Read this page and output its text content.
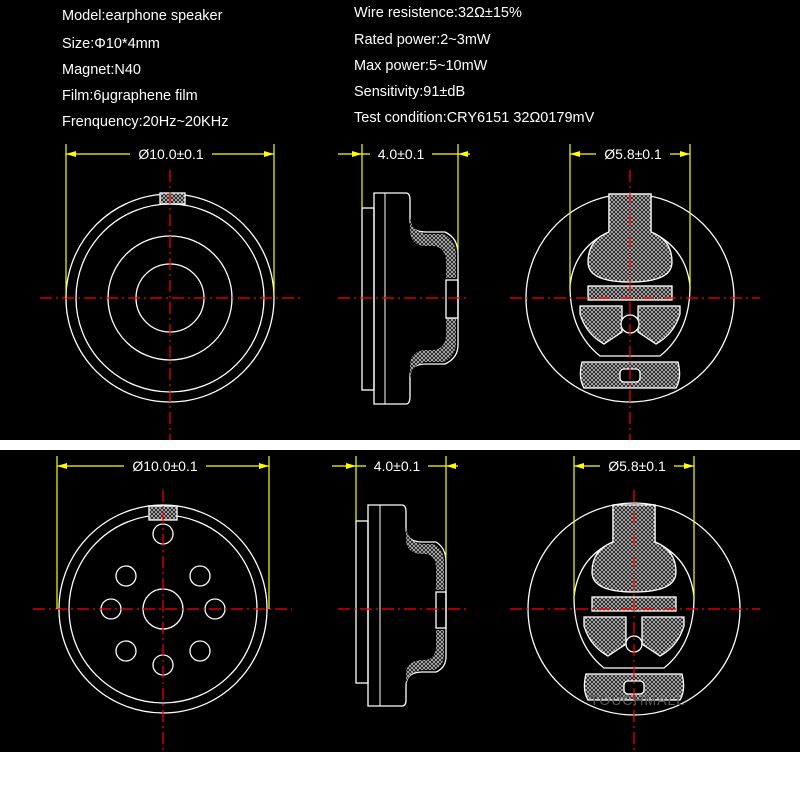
Model:earphone speaker
Size:Φ10*4mm
Magnet:N40
Film:6μgraphene film
Frenquency:20Hz~20KHz
Wire resistence:32Ω±15%
Rated power:2~3mW
Max power:5~10mW
Sensitivity:91±dB
Test condition:CRY6151 32Ω0179mV
Ø10.0±0.1	4.0±0.1	Ø5.8±0.1
Ø10.0±0.1	4.0±0.1	Ø5.8±0.1
TOUCHMALL
